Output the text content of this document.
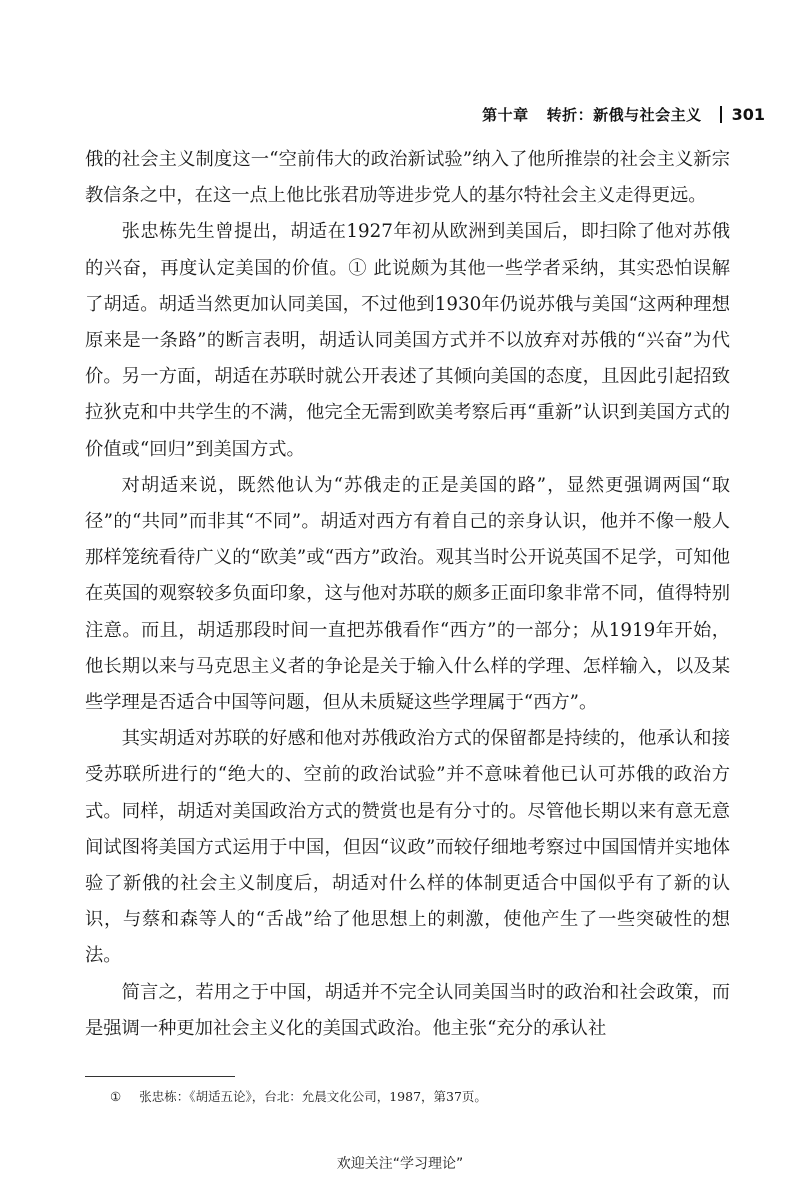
第十章 转折：新俄与社会主义 301

俄的社会主义制度这一“空前伟大的政治新试验”纳入了他所推崇的社会主义新宗教信条之中，在这一点上他比张君劢等进步党人的基尔特社会主义走得更远。

张忠栋先生曾提出，胡适在1927年初从欧洲到美国后，即扫除了他对苏俄的兴奋，再度认定美国的价值。① 此说颇为其他一些学者采纳，其实恐怕误解了胡适。胡适当然更加认同美国，不过他到1930年仍说苏俄与美国“这两种理想原来是一条路”的断言表明，胡适认同美国方式并不以放弃对苏俄的“兴奋”为代价。另一方面，胡适在苏联时就公开表述了其倾向美国的态度，且因此引起招致拉狄克和中共学生的不满，他完全无需到欧美考察后再“重新”认识到美国方式的价值或“回归”到美国方式。

对胡适来说，既然他认为“苏俄走的正是美国的路”，显然更强调两国“取径”的“共同”而非其“不同”。胡适对西方有着自己的亲身认识，他并不像一般人那样笼统看待广义的“欧美”或“西方”政治。观其当时公开说英国不足学，可知他在英国的观察较多负面印象，这与他对苏联的颇多正面印象非常不同，值得特别注意。而且，胡适那段时间一直把苏俄看作“西方”的一部分；从1919年开始，他长期以来与马克思主义者的争论是关于输入什么样的学理、怎样输入，以及某些学理是否适合中国等问题，但从未质疑这些学理属于“西方”。

其实胡适对苏联的好感和他对苏俄政治方式的保留都是持续的，他承认和接受苏联所进行的“绝大的、空前的政治试验”并不意味着他已认可苏俄的政治方式。同样，胡适对美国政治方式的赞赏也是有分寸的。尽管他长期以来有意无意间试图将美国方式运用于中国，但因“议政”而较仔细地考察过中国国情并实地体验了新俄的社会主义制度后，胡适对什么样的体制更适合中国似乎有了新的认识，与蔡和森等人的“舌战”给了他思想上的刺激，使他产生了一些突破性的想法。

简言之，若用之于中国，胡适并不完全认同美国当时的政治和社会政策，而是强调一种更加社会主义化的美国式政治。他主张“充分的承认社

① 张忠栋：《胡适五论》，台北：允晨文化公司，1987，第37页。
欢迎关注“学习理论”
